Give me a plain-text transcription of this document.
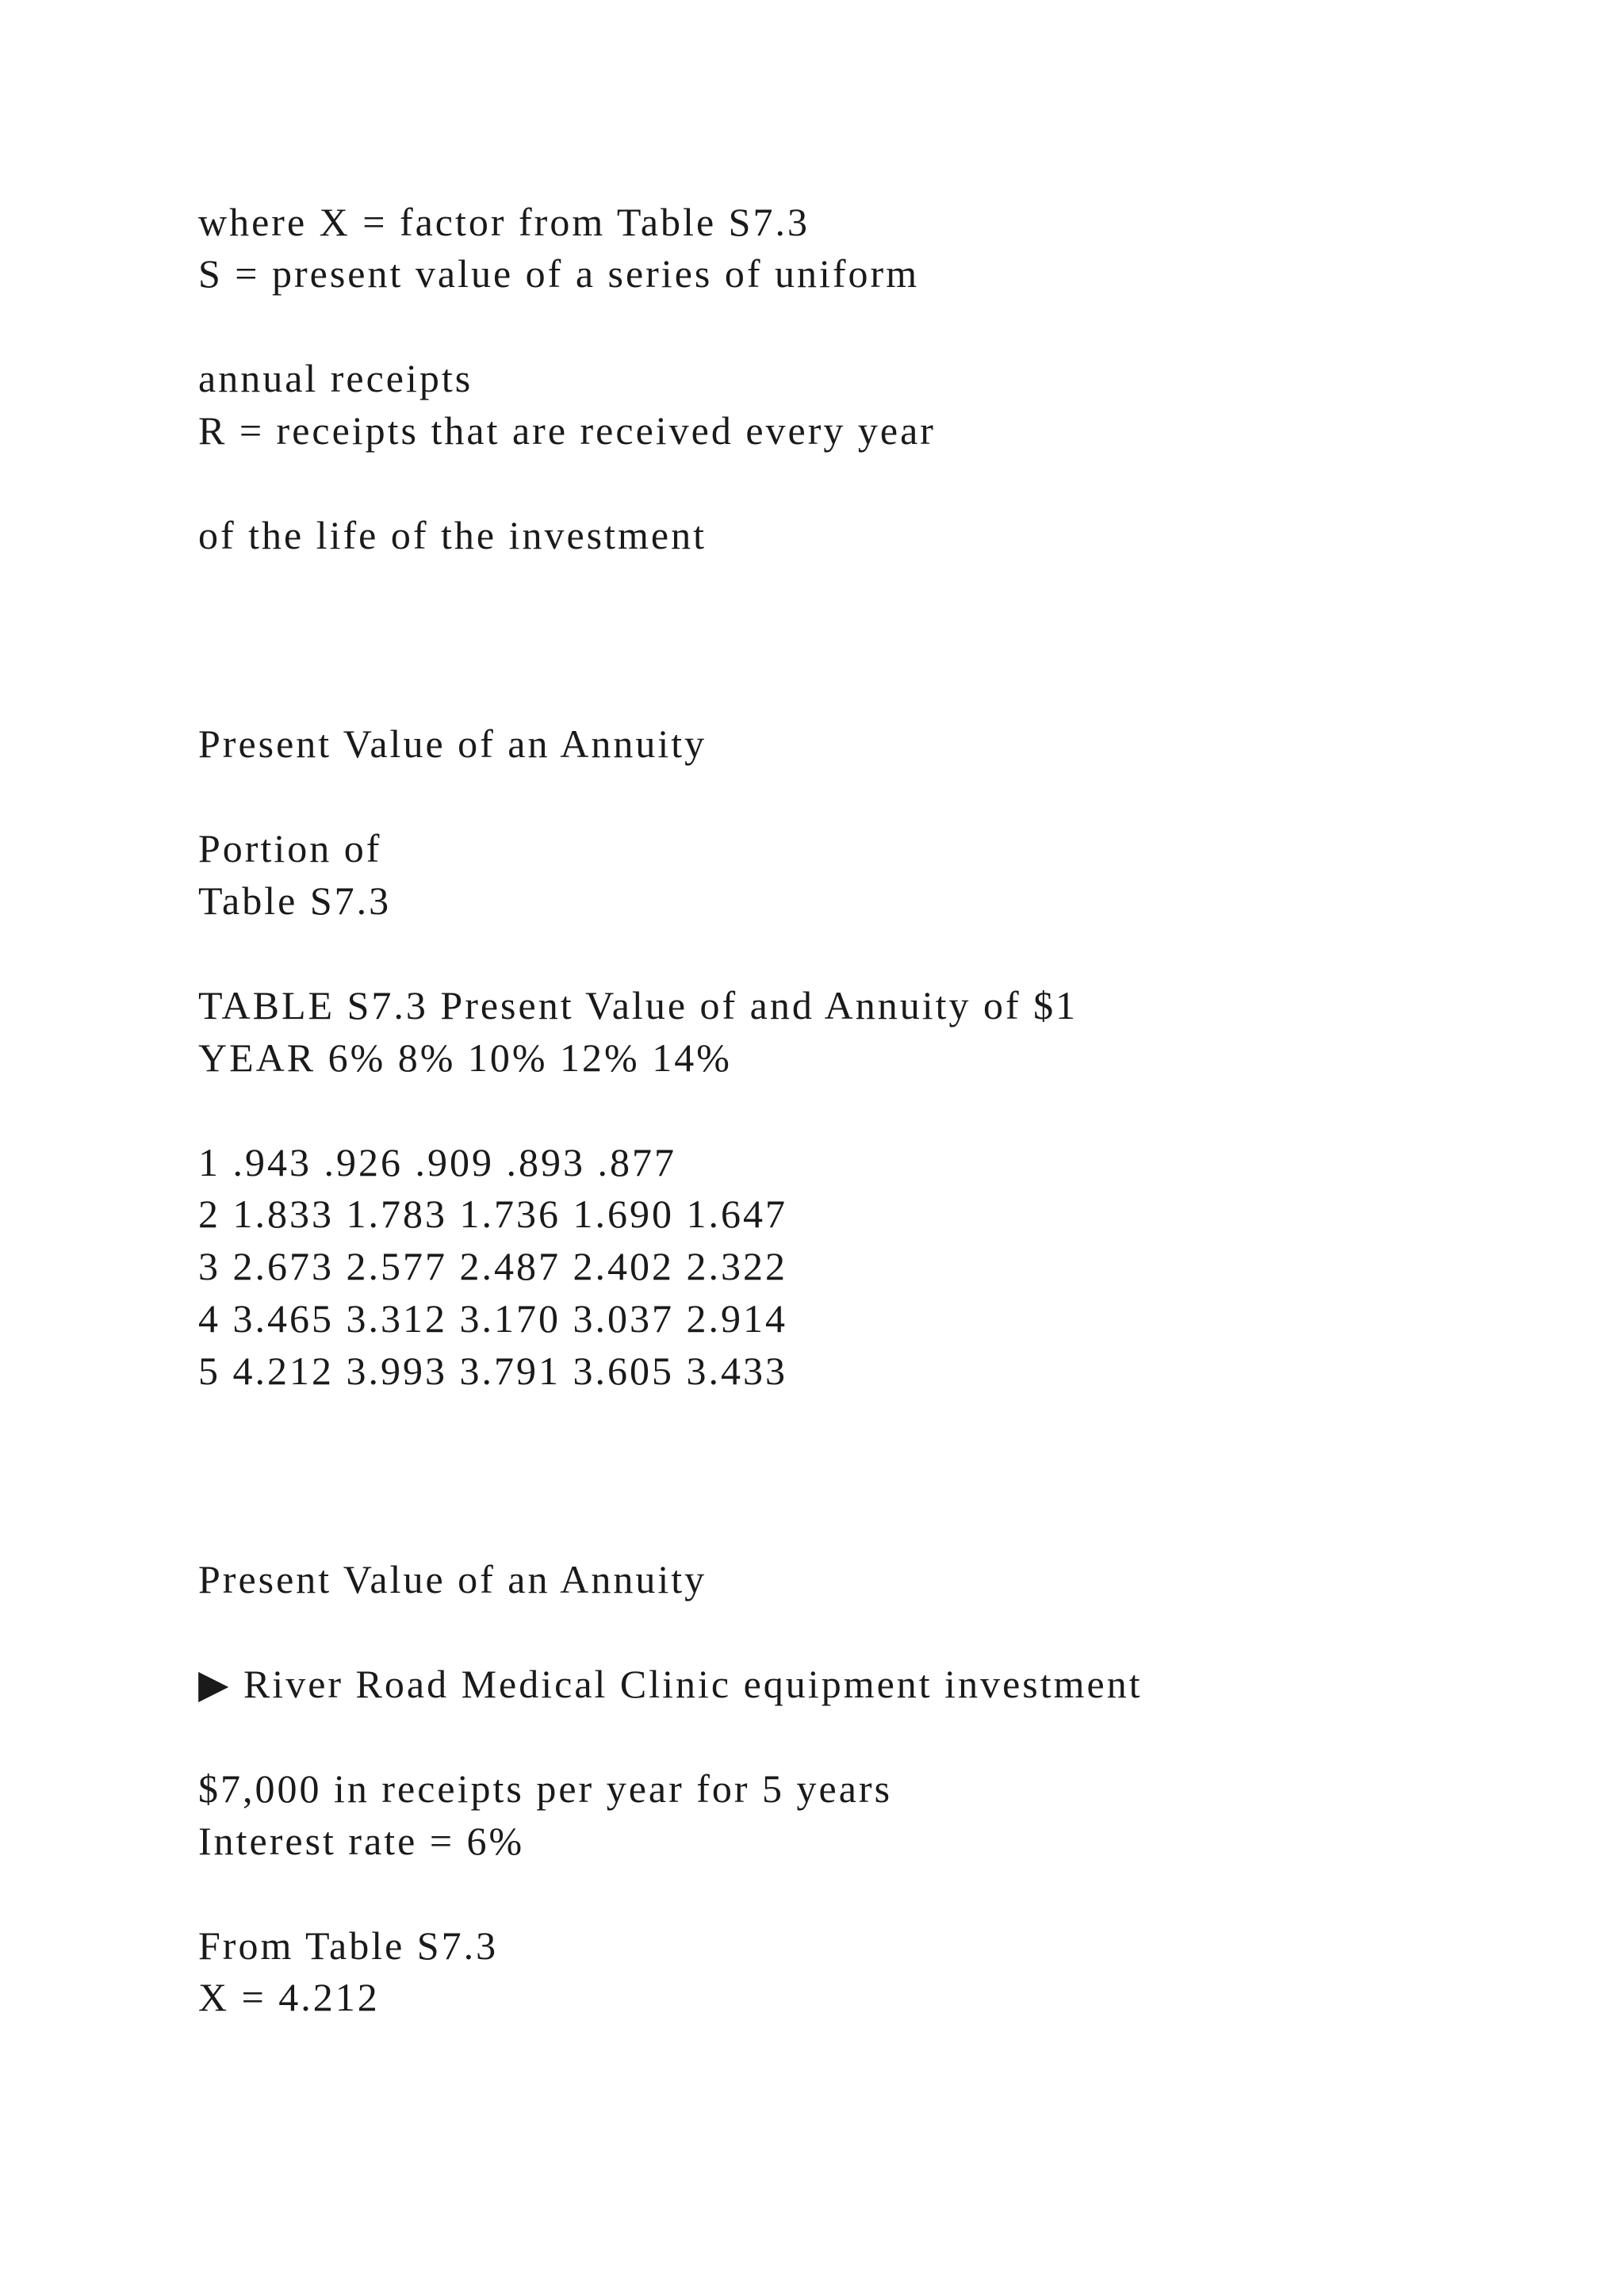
where X = factor from Table S7.3
S = present value of a series of uniform
annual receipts
R = receipts that are received every year
of the life of the investment
Present Value of an Annuity
Portion of
Table S7.3
TABLE S7.3 Present Value of and Annuity of $1
YEAR 6% 8% 10% 12% 14%
1 .943 .926 .909 .893 .877
2 1.833 1.783 1.736 1.690 1.647
3 2.673 2.577 2.487 2.402 2.322
4 3.465 3.312 3.170 3.037 2.914
5 4.212 3.993 3.791 3.605 3.433
Present Value of an Annuity
▶ River Road Medical Clinic equipment investment
$7,000 in receipts per year for 5 years
Interest rate = 6%
From Table S7.3
X = 4.212
